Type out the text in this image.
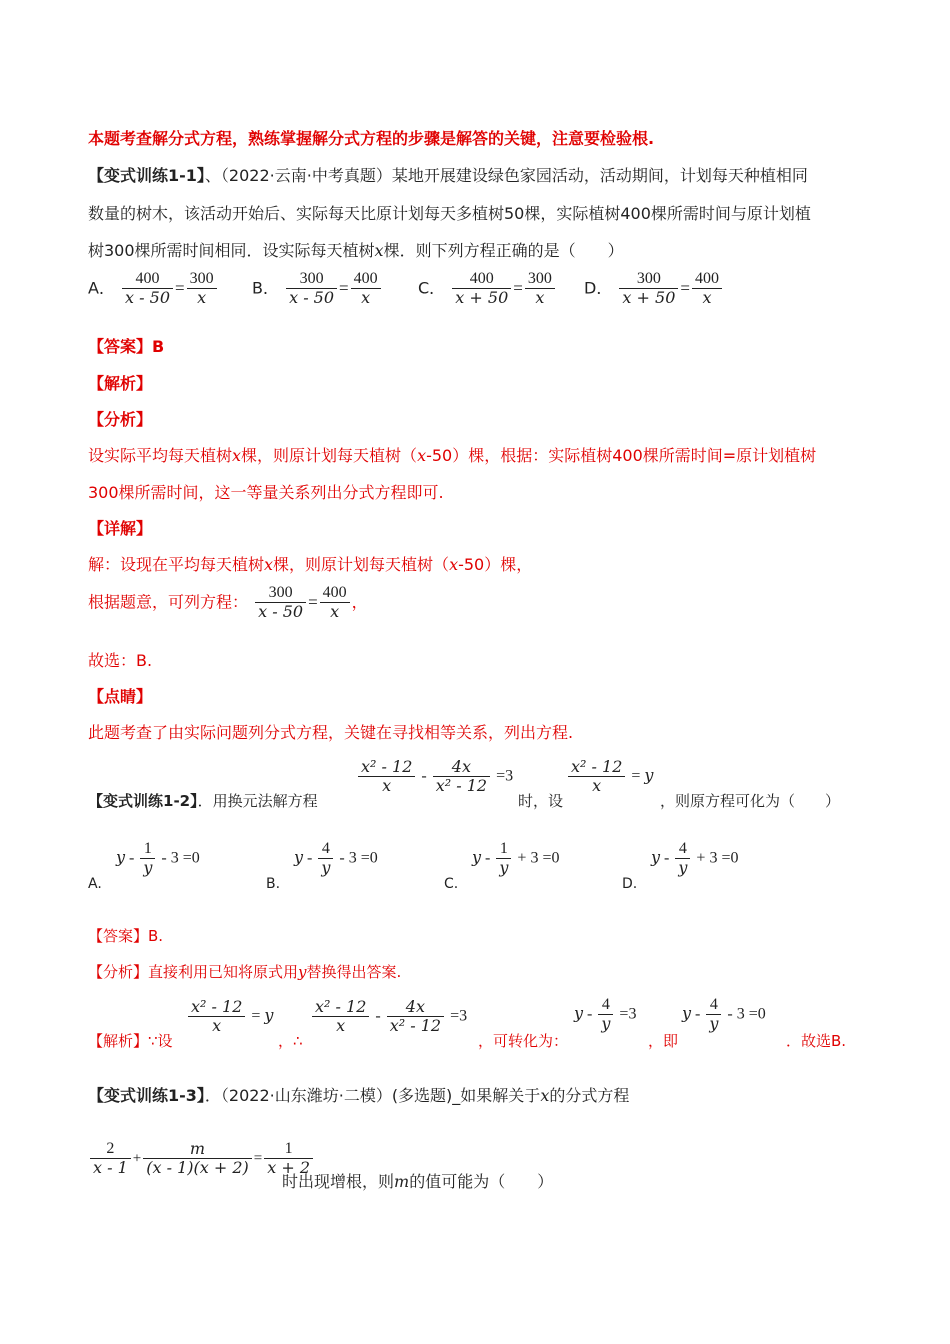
本题考查解分式方程，熟练掌握解分式方程的步骤是解答的关键，注意要检验根.
【变式训练1-1】、（2022·云南·中考真题）某地开展建设绿色家园活动，活动期间，计划每天种植相同
数量的树木，该活动开始后、实际每天比原计划每天多植树50棵，实际植树400棵所需时间与原计划植
树300棵所需时间相同．设实际每天植树x棵．则下列方程正确的是（　　）
A． $\frac{400}{x - 50} = \frac{300}{x}$ B． $\frac{300}{x - 50} = \frac{400}{x}$ C． $\frac{400}{x + 50} = \frac{300}{x}$ D． $\frac{300}{x + 50} = \frac{400}{x}$
【答案】B
【解析】
【分析】
设实际平均每天植树x棵，则原计划每天植树（x-50）棵，根据：实际植树400棵所需时间=原计划植树
300棵所需时间，这一等量关系列出分式方程即可.
【详解】
解：设现在平均每天植树x棵，则原计划每天植树（x-50）棵，
根据题意，可列方程： $\frac{300}{x - 50} = \frac{400}{x}$ ，
故选：B.
【点睛】
此题考查了由实际问题列分式方程，关键在寻找相等关系，列出方程.
【变式训练1-2】．用换元法解方程
$\frac{\text{x² - 12}}{x} - \frac{4x}{\text{x² - 12}} =3$
时，设
$\frac{\text{x² - 12}}{x} = y$
，则原方程可化为（　　）
$y - \frac{1}{y} - 3 =0$
A.
$y - \frac{4}{y} - 3 =0$
B.
$y - \frac{1}{y} + 3 =0$
C.
$y - \frac{4}{y} + 3 =0$
D.
【答案】B.
【分析】直接利用已知将原式用y替换得出答案.
【解析】∵设
$\frac{\text{x² - 12}}{x} = y$
，∴
$\frac{\text{x² - 12}}{x} - \frac{4x}{\text{x² - 12}} =3$
，可转化为：
$y - \frac{4}{y} =3$
，即
$y - \frac{4}{y} - 3 =0$
．故选B.
【变式训练1-3】．（2022·山东潍坊·二模）(多选题)_如果解关于x的分式方程
$\frac{2}{x - 1} + \frac{m}{(x - 1)(x + 2)} = \frac{1}{x + 2}$
时出现增根，则m的值可能为（　　）
